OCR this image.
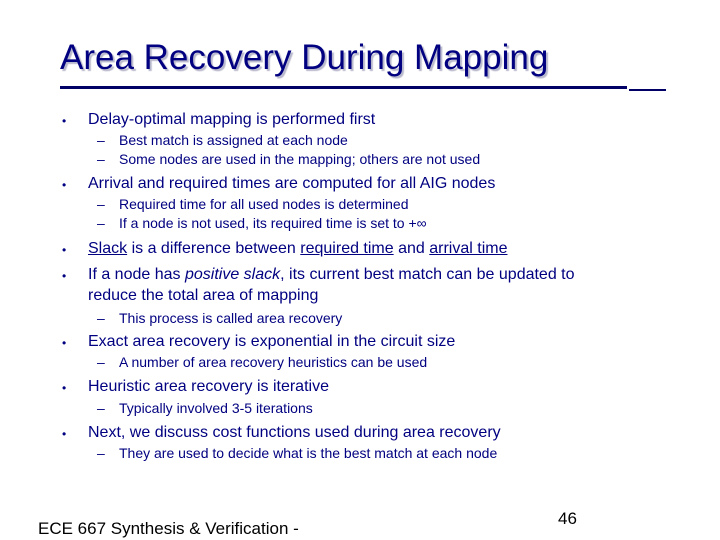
Area Recovery During Mapping
• Delay-optimal mapping is performed first
– Best match is assigned at each node
– Some nodes are used in the mapping; others are not used
• Arrival and required times are computed for all AIG nodes
– Required time for all used nodes is determined
– If a node is not used, its required time is set to +∞
• Slack is a difference between required time and arrival time
• If a node has positive slack, its current best match can be updated to
reduce the total area of mapping
– This process is called area recovery
• Exact area recovery is exponential in the circuit size
– A number of area recovery heuristics can be used
• Heuristic area recovery is iterative
– Typically involved 3-5 iterations
• Next, we discuss cost functions used during area recovery
– They are used to decide what is the best match at each node
ECE 667 Synthesis & Verification -
46
